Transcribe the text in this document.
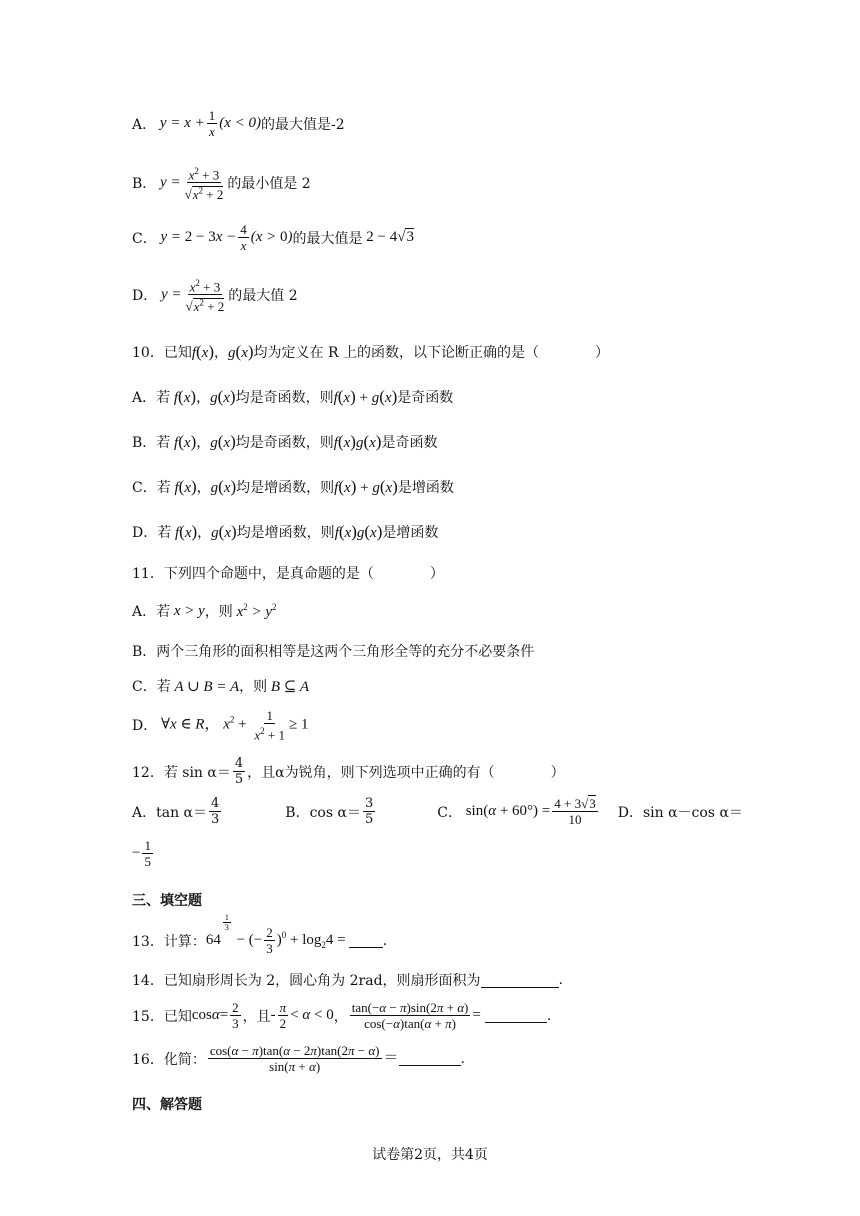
A． $y = x + \frac{1}{x} (x < 0)$ 的最大值是-2
B． $y = \frac{x^2 + 3}{√x^2 + 2}$ 的最小值是 2
C． $y = 2 - 3x - \frac{4}{x} (x > 0)$ 的最大值是 2 − 4√3
D． $y = \frac{x^2 + 3}{√x^2 + 2}$ 的最大值 2
10．已知 f(x) ， g(x) 均为定义在 R 上的函数，以下论断正确的是（	）
A．若 f(x) ， g(x) 均是奇函数，则 f(x) + g(x) 是奇函数
B．若 f(x) ， g(x) 均是奇函数，则 f(x)g(x) 是奇函数
C．若 f(x) ， g(x) 均是增函数，则 f(x) + g(x) 是增函数
D．若 f(x) ， g(x) 均是增函数，则 f(x)g(x) 是增函数
11．下列四个命题中，是真命题的是（	）
A．若 x > y ，则 $x^2 > y^2$
B．两个三角形的面积相等是这两个三角形全等的充分不必要条件
C．若 A ∪ B = A ，则 B ⊆ A
D． ∀x ∈ R， $x^2 + \frac{1}{x^2 + 1} \ge 1$
12．若 $\sin \alpha= \frac{4}{5}$ ，且α为锐角，则下列选项中正确的有（	）
A．$\tan \alpha= \frac{4}{3}$	B．$\cos \alpha= \frac{3}{5}$	C． $\sin(\alpha + 60^\circ) = \frac{4 + 3√3}{10}$ D．sin α－cos α＝
− $\frac{1}{5}$
三、填空题
13．计算： 64
$\frac{1}{3}$
− (− $\frac{2}{3} )^0 + \log_24$ =	.
14．已知扇形周长为 2，圆心角为 2rad，则扇形面积为	.
15．已知 $\cos\alpha= \frac{2}{3}$ ，且 - $\frac{\pi}{2} < \alpha < 0$ ， $\frac{\tan(-\alpha - \pi)\sin(2\pi + \alpha)}{\cos(-\alpha)\tan(\alpha + \pi)}$ =	.
16．化简： $\frac{\cos(\alpha - \pi)\tan(\alpha - 2\pi)\tan(2\pi - \alpha)}{\sin(\pi + \alpha)}$ ＝	.
四、解答题
试卷第2页，共4页
